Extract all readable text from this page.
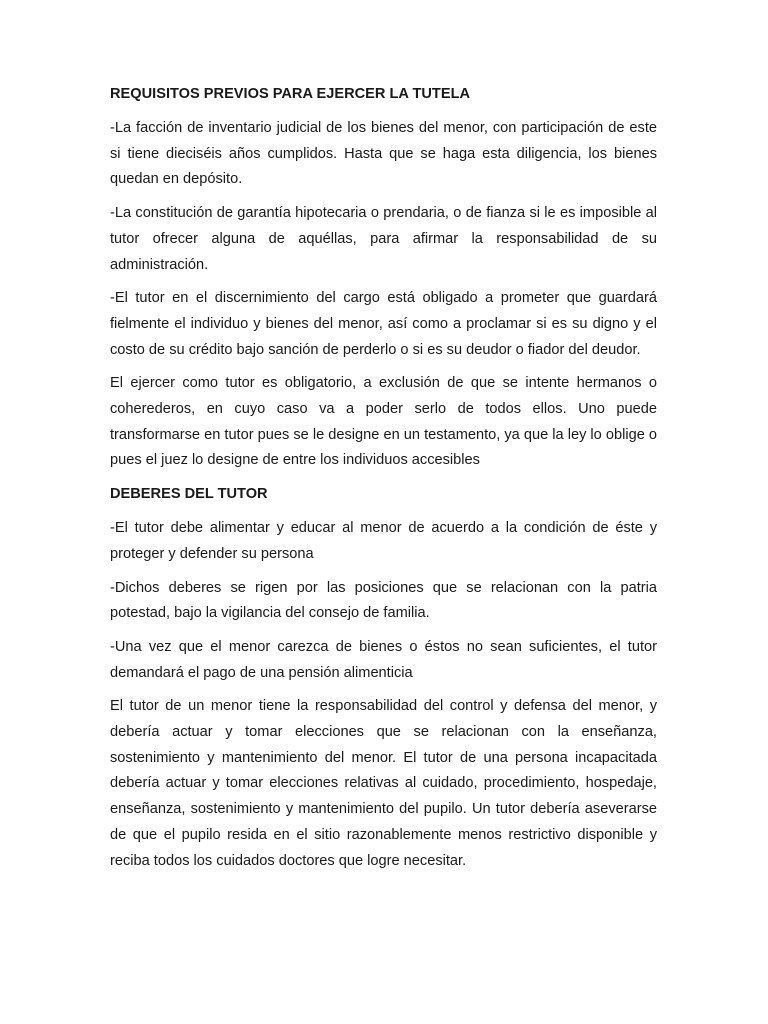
REQUISITOS PREVIOS PARA EJERCER LA TUTELA

-La facción de inventario judicial de los bienes del menor, con participación de este si tiene dieciséis años cumplidos. Hasta que se haga esta diligencia, los bienes quedan en depósito.

-La constitución de garantía hipotecaria o prendaria, o de fianza si le es imposible al tutor ofrecer alguna de aquéllas, para afirmar la responsabilidad de su administración.

-El tutor en el discernimiento del cargo está obligado a prometer que guardará fielmente el individuo y bienes del menor, así como a proclamar si es su digno y el costo de su crédito bajo sanción de perderlo o si es su deudor o fiador del deudor.

El ejercer como tutor es obligatorio, a exclusión de que se intente hermanos o coherederos, en cuyo caso va a poder serlo de todos ellos. Uno puede transformarse en tutor pues se le designe en un testamento, ya que la ley lo oblige o pues el juez lo designe de entre los individuos accesibles

DEBERES DEL TUTOR

-El tutor debe alimentar y educar al menor de acuerdo a la condición de éste y proteger y defender su persona

-Dichos deberes se rigen por las posiciones que se relacionan con la patria potestad, bajo la vigilancia del consejo de familia.

-Una vez que el menor carezca de bienes o éstos no sean suficientes, el tutor demandará el pago de una pensión alimenticia

El tutor de un menor tiene la responsabilidad del control y defensa del menor, y debería actuar y tomar elecciones que se relacionan con la enseñanza, sostenimiento y mantenimiento del menor. El tutor de una persona incapacitada debería actuar y tomar elecciones relativas al cuidado, procedimiento, hospedaje, enseñanza, sostenimiento y mantenimiento del pupilo. Un tutor debería aseverarse de que el pupilo resida en el sitio razonablemente menos restrictivo disponible y reciba todos los cuidados doctores que logre necesitar.
